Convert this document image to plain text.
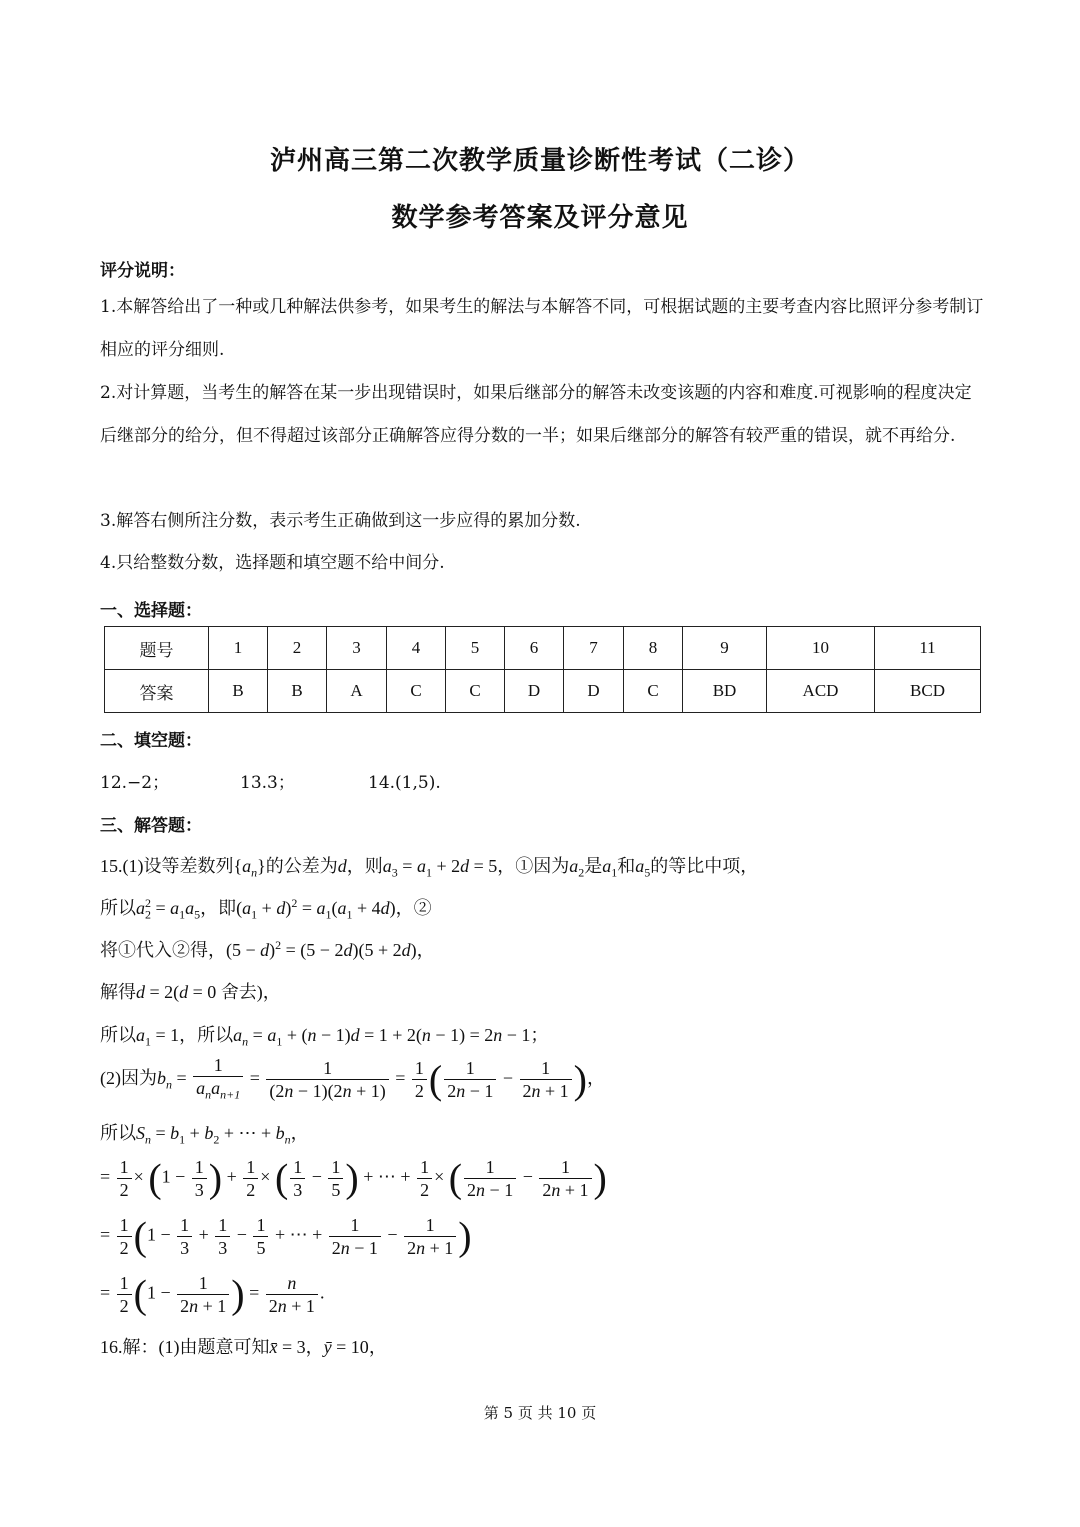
泸州高三第二次教学质量诊断性考试（二诊）
数学参考答案及评分意见
评分说明：
1.本解答给出了一种或几种解法供参考，如果考生的解法与本解答不同，可根据试题的主要考查内容比照评分参考制订相应的评分细则.
2.对计算题，当考生的解答在某一步出现错误时，如果后继部分的解答未改变该题的内容和难度.可视影响的程度决定后继部分的给分，但不得超过该部分正确解答应得分数的一半；如果后继部分的解答有较严重的错误，就不再给分.
3.解答右侧所注分数，表示考生正确做到这一步应得的累加分数.
4.只给整数分数，选择题和填空题不给中间分.
一、选择题：
题号	1	2	3	4	5	6	7	8	9	10	11
答案	B	B	A	C	C	D	D	C	BD	ACD	BCD
二、填空题：
12.−2；	13.3；	14.(1,5).
三、解答题：
15.(1)设等差数列$\{a_n\}$的公差为d，则$a_3 = a_1 + 2d = 5$，①因为$a_2$是$a_1$和$a_5$的等比中项，
所以$a_2^2 = a_1a_5$，即$(a_1 + d)^2 = a_1(a_1 + 4d)$，②
将①代入②得，$(5 - d)^2 = (5 - 2d)(5 + 2d)$，
解得d = 2(d = 0 舍去)，
所以$a_1 = 1$，所以$a_n = a_1 + (n - 1)d = 1 + 2(n - 1) = 2n - 1$；
(2)因为$b_n = \frac{1}{a_na_{n+1}} = \frac{1}{(2n - 1)(2n + 1)} = \frac{1}{2}$ ( $\frac{1}{2n - 1} - \frac{1}{2n + 1}$ )，
所以$S_n = b_1 + b_2$ + ⋯ + $b_n$，
= $\frac{1}{2} \times (1 - \frac{1}{3}$ ) + $\frac{1}{2}$ × ( $\frac{1}{3} - \frac{1}{5}$ ) + ⋯ + $\frac{1}{2}$ × ( $\frac{1}{2n - 1} - \frac{1}{2n + 1}$ )
= $\frac{1}{2} (1 - \frac{1}{3} + \frac{1}{3} - \frac{1}{5}$ + ⋯ + $\frac{1}{2n - 1} - \frac{1}{2n + 1}$ )
= $\frac{1}{2} (1 - \frac{1}{2n + 1}$ ) = $\frac{n}{2n + 1}$ .
16.解：(1)由题意可知x̄ = 3，ȳ = 10，
第 5 页 共 10 页
